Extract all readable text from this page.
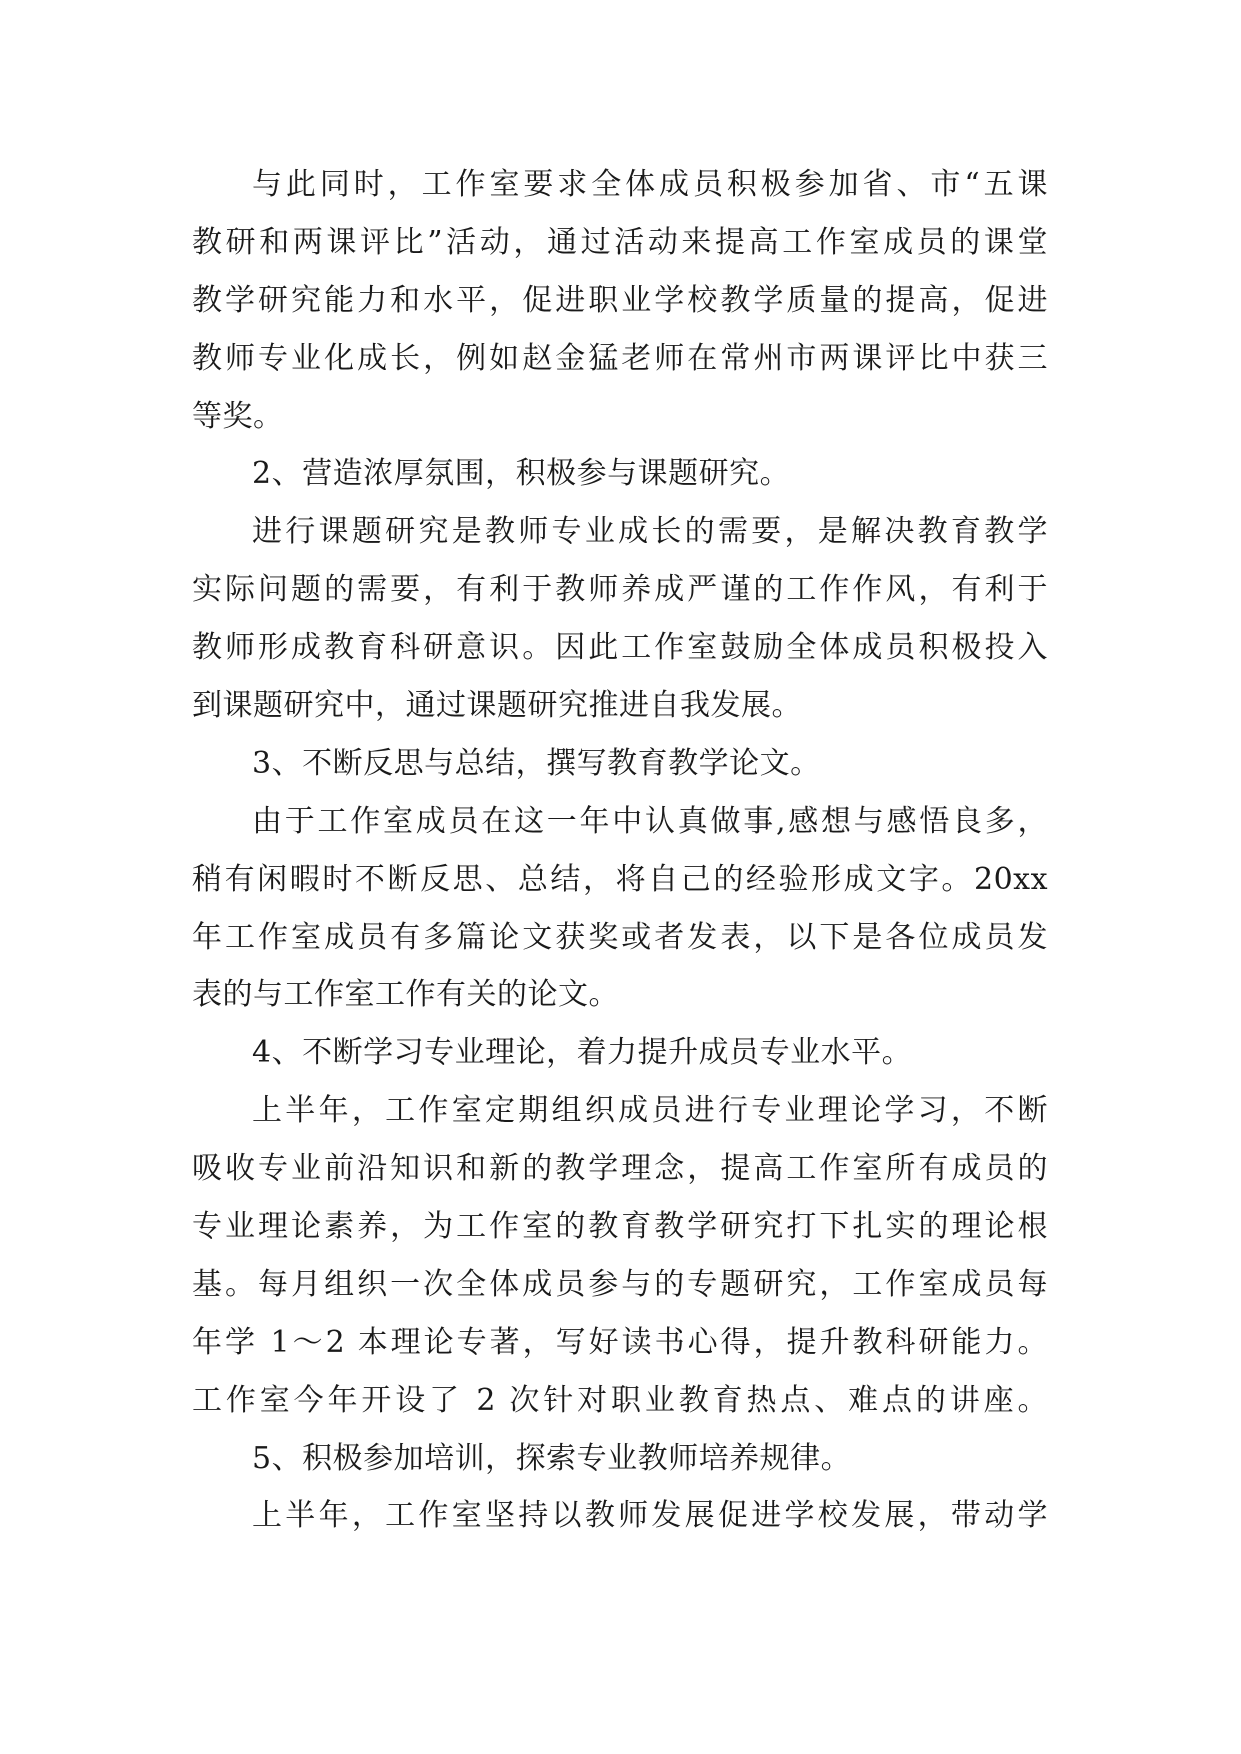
与此同时，工作室要求全体成员积极参加省、市“五课
教研和两课评比”活动，通过活动来提高工作室成员的课堂
教学研究能力和水平，促进职业学校教学质量的提高，促进
教师专业化成长，例如赵金猛老师在常州市两课评比中获三
等奖。
2、营造浓厚氛围，积极参与课题研究。
进行课题研究是教师专业成长的需要，是解决教育教学
实际问题的需要，有利于教师养成严谨的工作作风，有利于
教师形成教育科研意识。因此工作室鼓励全体成员积极投入
到课题研究中，通过课题研究推进自我发展。
3、不断反思与总结，撰写教育教学论文。
由于工作室成员在这一年中认真做事,感想与感悟良多，
稍有闲暇时不断反思、总结，将自己的经验形成文字。20xx
年工作室成员有多篇论文获奖或者发表，以下是各位成员发
表的与工作室工作有关的论文。
4、不断学习专业理论，着力提升成员专业水平。
上半年，工作室定期组织成员进行专业理论学习，不断
吸收专业前沿知识和新的教学理念，提高工作室所有成员的
专业理论素养，为工作室的教育教学研究打下扎实的理论根
基。每月组织一次全体成员参与的专题研究，工作室成员每
年学 1～2 本理论专著，写好读书心得，提升教科研能力。
工作室今年开设了 2 次针对职业教育热点、难点的讲座。
5、积极参加培训，探索专业教师培养规律。
上半年，工作室坚持以教师发展促进学校发展，带动学
